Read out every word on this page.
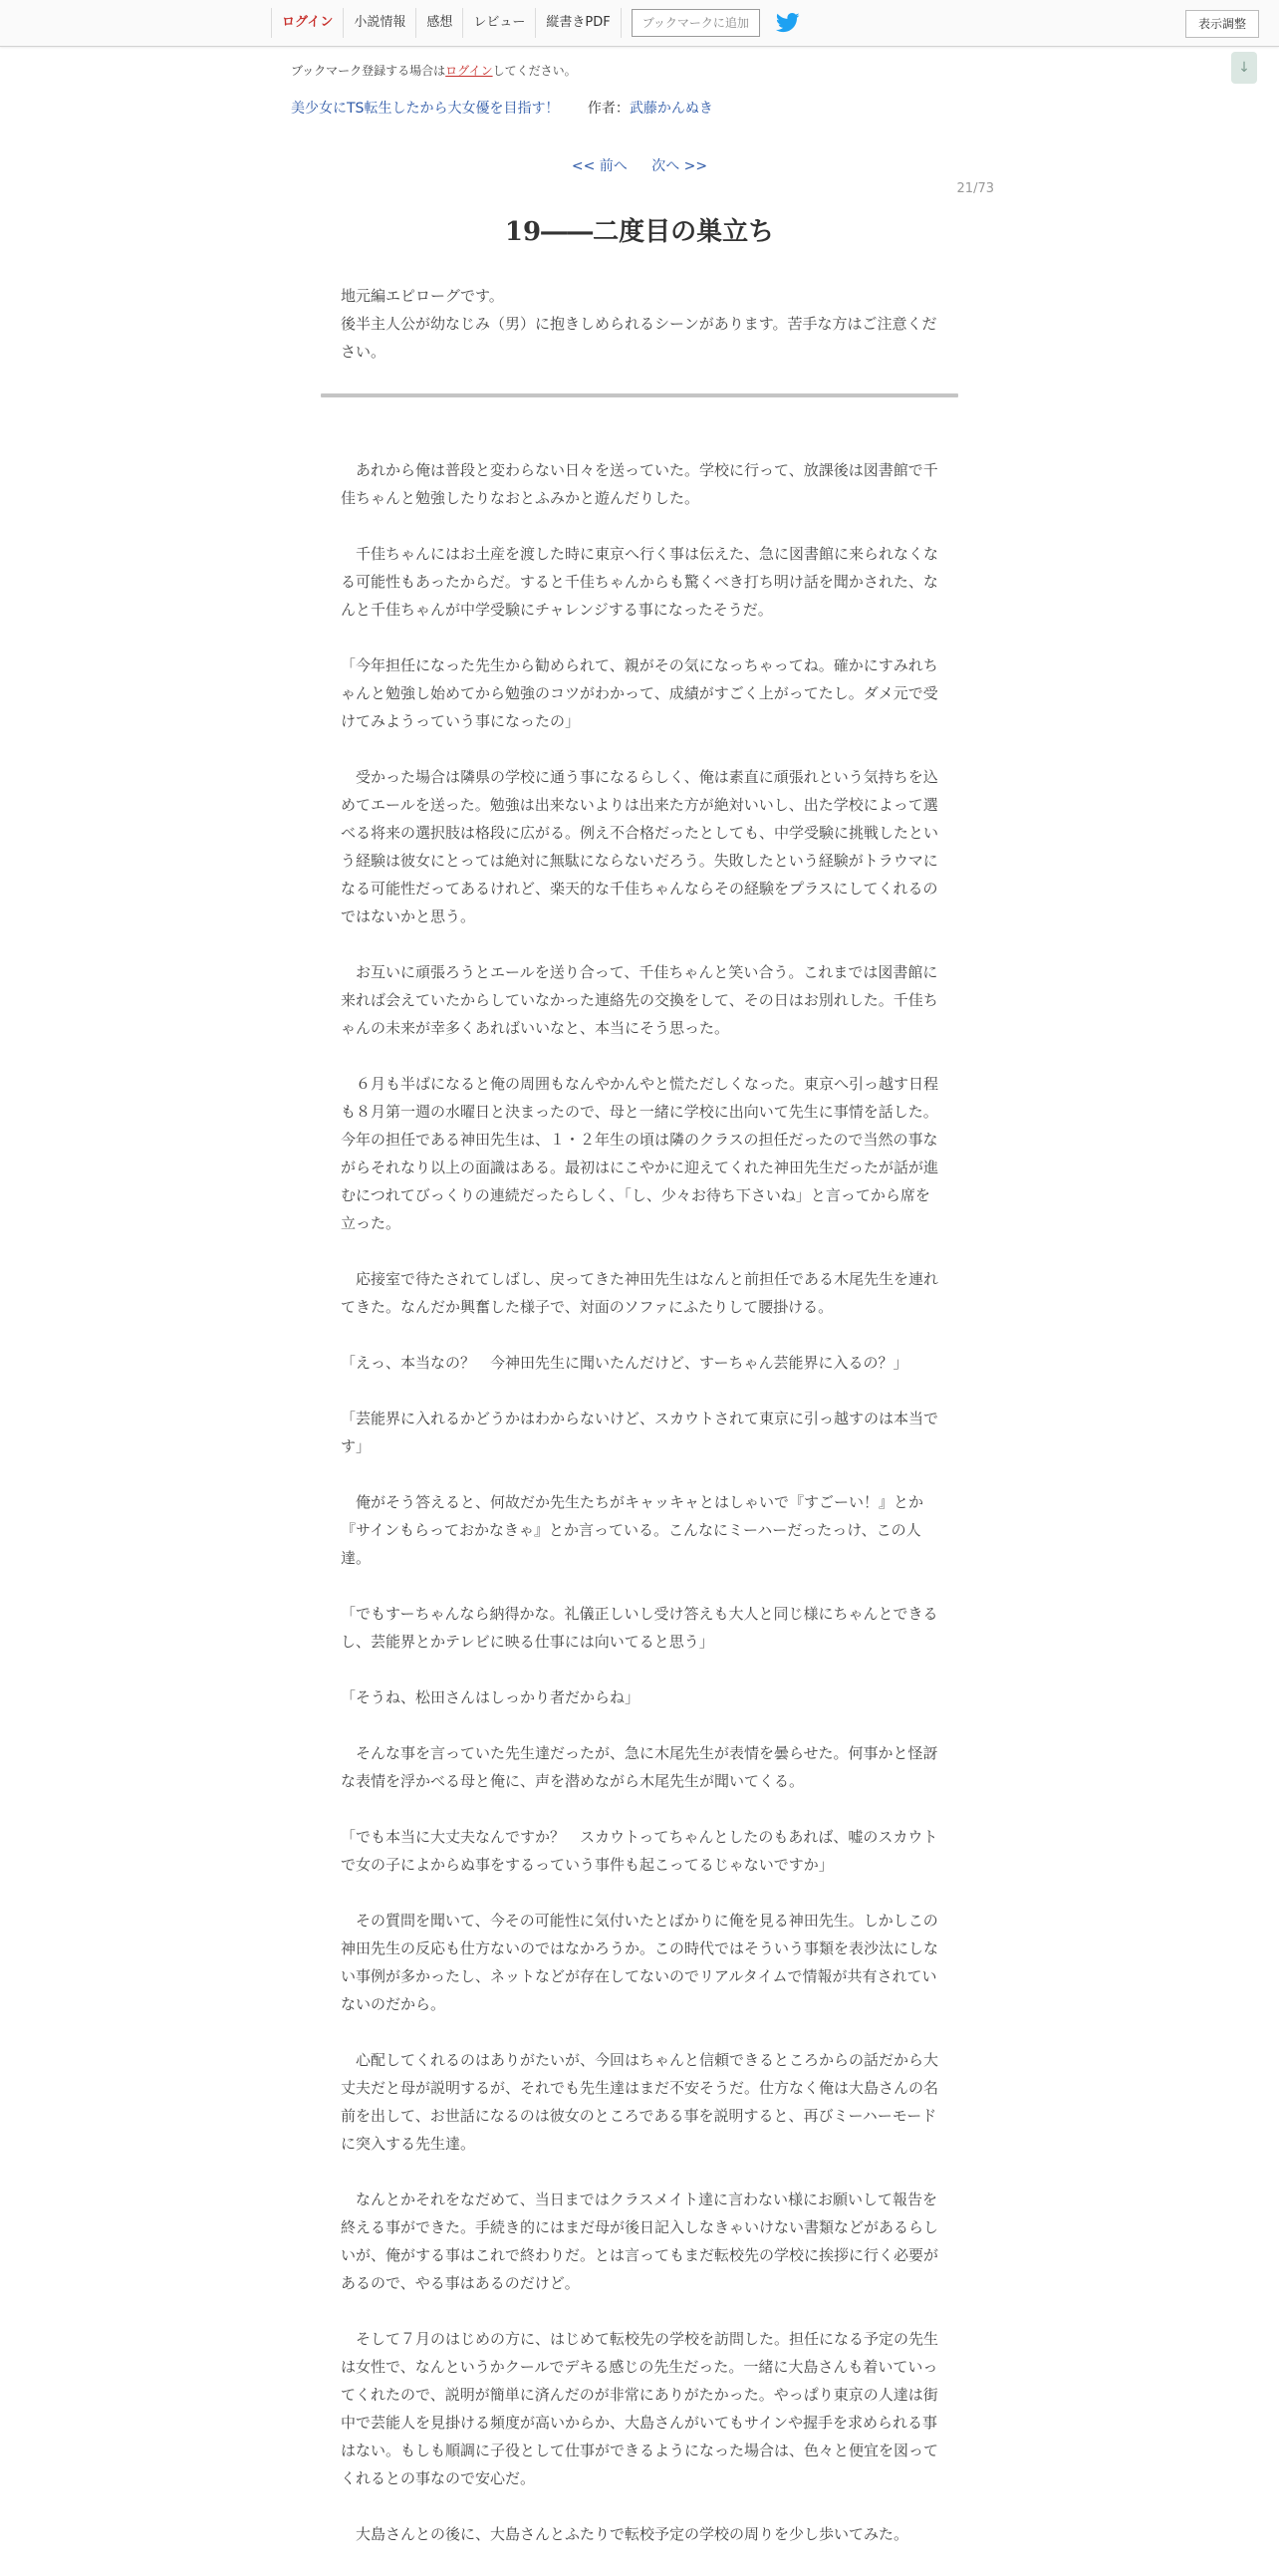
ログイン	小説情報	感想	レビュー	縦書きPDF	ブックマークに追加	表示調整
↓
ブックマーク登録する場合はログインしてください。
美少女にTS転生したから大女優を目指す！ 作者：武藤かんぬき
<< 前へ 次へ >>
21/73
19――二度目の巣立ち
地元編エピローグです。
後半主人公が幼なじみ（男）に抱きしめられるシーンがあります。苦手な方はご注意ください。

　あれから俺は普段と変わらない日々を送っていた。学校に行って、放課後は図書館で千佳ちゃんと勉強したりなおとふみかと遊んだりした。

　千佳ちゃんにはお土産を渡した時に東京へ行く事は伝えた、急に図書館に来られなくなる可能性もあったからだ。すると千佳ちゃんからも驚くべき打ち明け話を聞かされた、なんと千佳ちゃんが中学受験にチャレンジする事になったそうだ。

「今年担任になった先生から勧められて、親がその気になっちゃってね。確かにすみれちゃんと勉強し始めてから勉強のコツがわかって、成績がすごく上がってたし。ダメ元で受けてみようっていう事になったの」

　受かった場合は隣県の学校に通う事になるらしく、俺は素直に頑張れという気持ちを込めてエールを送った。勉強は出来ないよりは出来た方が絶対いいし、出た学校によって選べる将来の選択肢は格段に広がる。例え不合格だったとしても、中学受験に挑戦したという経験は彼女にとっては絶対に無駄にならないだろう。失敗したという経験がトラウマになる可能性だってあるけれど、楽天的な千佳ちゃんならその経験をプラスにしてくれるのではないかと思う。

　お互いに頑張ろうとエールを送り合って、千佳ちゃんと笑い合う。これまでは図書館に来れば会えていたからしていなかった連絡先の交換をして、その日はお別れした。千佳ちゃんの未来が幸多くあればいいなと、本当にそう思った。

　６月も半ばになると俺の周囲もなんやかんやと慌ただしくなった。東京へ引っ越す日程も８月第一週の水曜日と決まったので、母と一緒に学校に出向いて先生に事情を話した。今年の担任である神田先生は、１・２年生の頃は隣のクラスの担任だったので当然の事ながらそれなり以上の面識はある。最初はにこやかに迎えてくれた神田先生だったが話が進むにつれてびっくりの連続だったらしく、「し、少々お待ち下さいね」と言ってから席を立った。

　応接室で待たされてしばし、戻ってきた神田先生はなんと前担任である木尾先生を連れてきた。なんだか興奮した様子で、対面のソファにふたりして腰掛ける。

「えっ、本当なの？　今神田先生に聞いたんだけど、すーちゃん芸能界に入るの？」

「芸能界に入れるかどうかはわからないけど、スカウトされて東京に引っ越すのは本当です」

　俺がそう答えると、何故だか先生たちがキャッキャとはしゃいで『すごーい！』とか『サインもらっておかなきゃ』とか言っている。こんなにミーハーだったっけ、この人達。

「でもすーちゃんなら納得かな。礼儀正しいし受け答えも大人と同じ様にちゃんとできるし、芸能界とかテレビに映る仕事には向いてると思う」

「そうね、松田さんはしっかり者だからね」

　そんな事を言っていた先生達だったが、急に木尾先生が表情を曇らせた。何事かと怪訝な表情を浮かべる母と俺に、声を潜めながら木尾先生が聞いてくる。

「でも本当に大丈夫なんですか？　スカウトってちゃんとしたのもあれば、嘘のスカウトで女の子によからぬ事をするっていう事件も起こってるじゃないですか」

　その質問を聞いて、今その可能性に気付いたとばかりに俺を見る神田先生。しかしこの神田先生の反応も仕方ないのではなかろうか。この時代ではそういう事類を表沙汰にしない事例が多かったし、ネットなどが存在してないのでリアルタイムで情報が共有されていないのだから。

　心配してくれるのはありがたいが、今回はちゃんと信頼できるところからの話だから大丈夫だと母が説明するが、それでも先生達はまだ不安そうだ。仕方なく俺は大島さんの名前を出して、お世話になるのは彼女のところである事を説明すると、再びミーハーモードに突入する先生達。

　なんとかそれをなだめて、当日まではクラスメイト達に言わない様にお願いして報告を終える事ができた。手続き的にはまだ母が後日記入しなきゃいけない書類などがあるらしいが、俺がする事はこれで終わりだ。とは言ってもまだ転校先の学校に挨拶に行く必要があるので、やる事はあるのだけど。

　そして７月のはじめの方に、はじめて転校先の学校を訪問した。担任になる予定の先生は女性で、なんというかクールでデキる感じの先生だった。一緒に大島さんも着いていってくれたので、説明が簡単に済んだのが非常にありがたかった。やっぱり東京の人達は街中で芸能人を見掛ける頻度が高いからか、大島さんがいてもサインや握手を求められる事はない。もしも順調に子役として仕事ができるようになった場合は、色々と便宜を図ってくれるとの事なので安心だ。

　大島さんとの後に、大島さんとふたりで転校予定の学校の周りを少し歩いてみた。
